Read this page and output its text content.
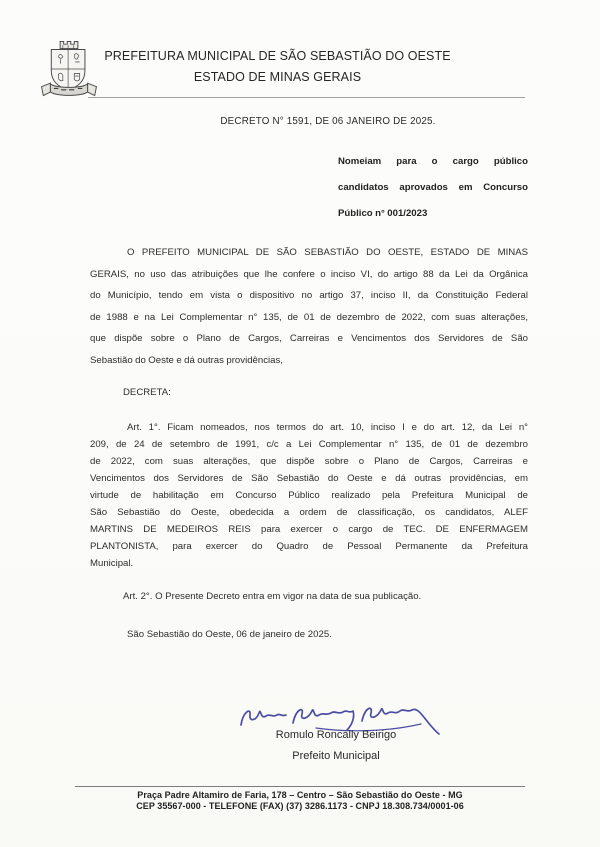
PREFEITURA MUNICIPAL DE SÃO SEBASTIÃO DO OESTE
ESTADO DE MINAS GERAIS
DECRETO N° 1591, DE 06 JANEIRO DE 2025.
Nomeiam para o cargo público
candidatos aprovados em Concurso
Público n° 001/2023
O PREFEITO MUNICIPAL DE SÃO SEBASTIÃO DO OESTE, ESTADO DE MINAS
GERAIS, no uso das atribuições que lhe confere o inciso VI, do artigo 88 da Lei da Orgânica
do Município, tendo em vista o dispositivo no artigo 37, inciso II, da Constituição Federal
de 1988 e na Lei Complementar n° 135, de 01 de dezembro de 2022, com suas alterações,
que dispõe sobre o Plano de Cargos, Carreiras e Vencimentos dos Servidores de São
Sebastião do Oeste e dá outras providências,
DECRETA:
Art. 1°. Ficam nomeados, nos termos do art. 10, inciso I e do art. 12, da Lei n°
209, de 24 de setembro de 1991, c/c a Lei Complementar n° 135, de 01 de dezembro
de 2022, com suas alterações, que dispõe sobre o Plano de Cargos, Carreiras e
Vencimentos dos Servidores de São Sebastião do Oeste e dá outras providências, em
virtude de habilitação em Concurso Público realizado pela Prefeitura Municipal de
São Sebastião do Oeste, obedecida a ordem de classificação, os candidatos, ALEF
MARTINS DE MEDEIROS REIS para exercer o cargo de TEC. DE ENFERMAGEM
PLANTONISTA, para exercer do Quadro de Pessoal Permanente da Prefeitura
Municipal.
Art. 2°. O Presente Decreto entra em vigor na data de sua publicação.
São Sebastião do Oeste, 06 de janeiro de 2025.
Romulo Roncally Beirigo
Prefeito Municipal
Praça Padre Altamiro de Faria, 178 – Centro – São Sebastião do Oeste - MG
CEP 35567-000 - TELEFONE (FAX) (37) 3286.1173 - CNPJ 18.308.734/0001-06
